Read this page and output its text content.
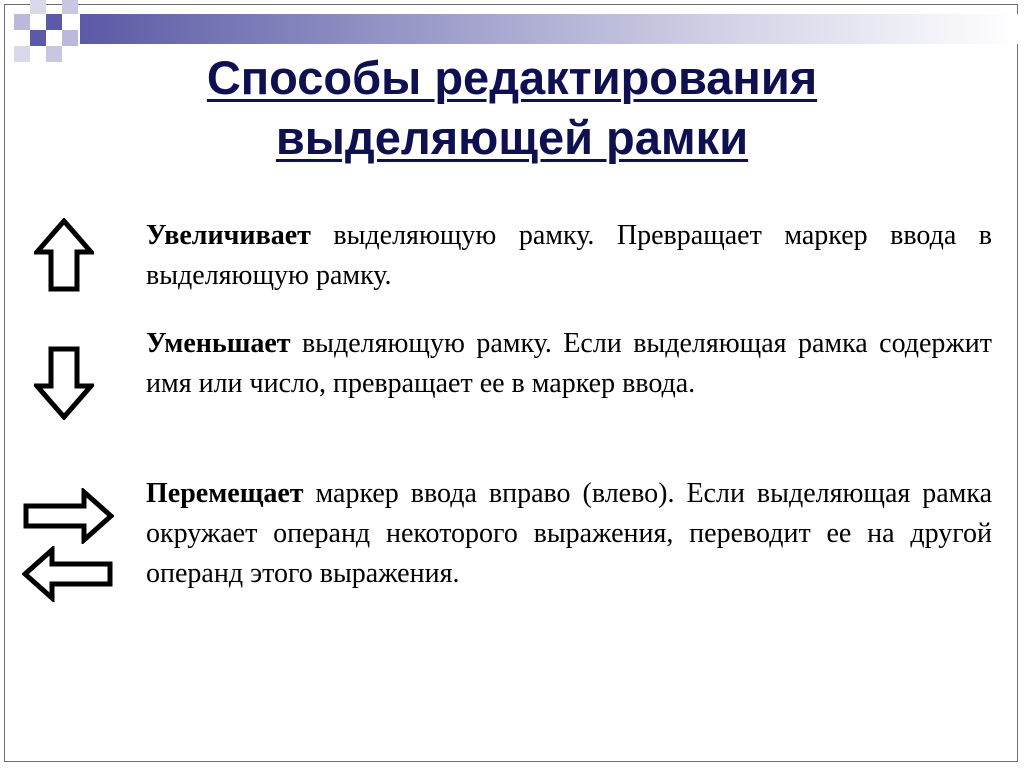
Способы редактирования
выделяющей рамки
Увеличивает выделяющую рамку. Превращает маркер ввода в выделяющую рамку.
Уменьшает выделяющую рамку. Если выделяющая рамка содержит имя или число, превращает ее в маркер ввода.
Перемещает маркер ввода вправо (влево). Если выделяющая рамка окружает операнд некоторого выражения, переводит ее на другой операнд этого выражения.
